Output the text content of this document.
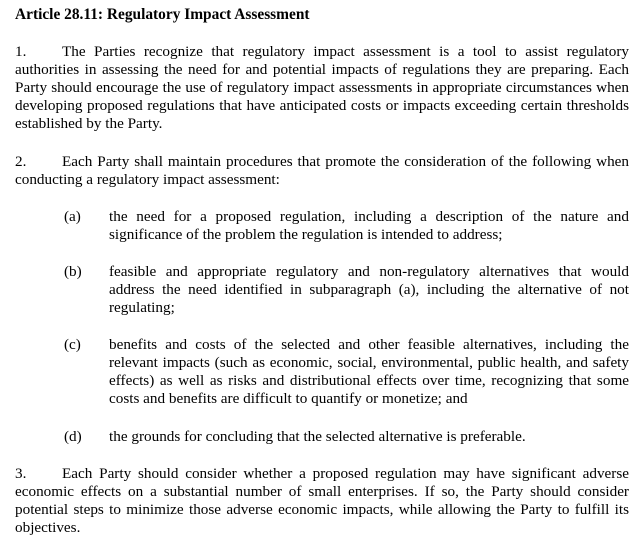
Article 28.11: Regulatory Impact Assessment
1. The Parties recognize that regulatory impact assessment is a tool to assist regulatory authorities in assessing the need for and potential impacts of regulations they are preparing. Each Party should encourage the use of regulatory impact assessments in appropriate circumstances when developing proposed regulations that have anticipated costs or impacts exceeding certain thresholds established by the Party.
2. Each Party shall maintain procedures that promote the consideration of the following when conducting a regulatory impact assessment:
(a) the need for a proposed regulation, including a description of the nature and significance of the problem the regulation is intended to address;
(b) feasible and appropriate regulatory and non-regulatory alternatives that would address the need identified in subparagraph (a), including the alternative of not regulating;
(c) benefits and costs of the selected and other feasible alternatives, including the relevant impacts (such as economic, social, environmental, public health, and safety effects) as well as risks and distributional effects over time, recognizing that some costs and benefits are difficult to quantify or monetize; and
(d) the grounds for concluding that the selected alternative is preferable.
3. Each Party should consider whether a proposed regulation may have significant adverse economic effects on a substantial number of small enterprises. If so, the Party should consider potential steps to minimize those adverse economic impacts, while allowing the Party to fulfill its objectives.
